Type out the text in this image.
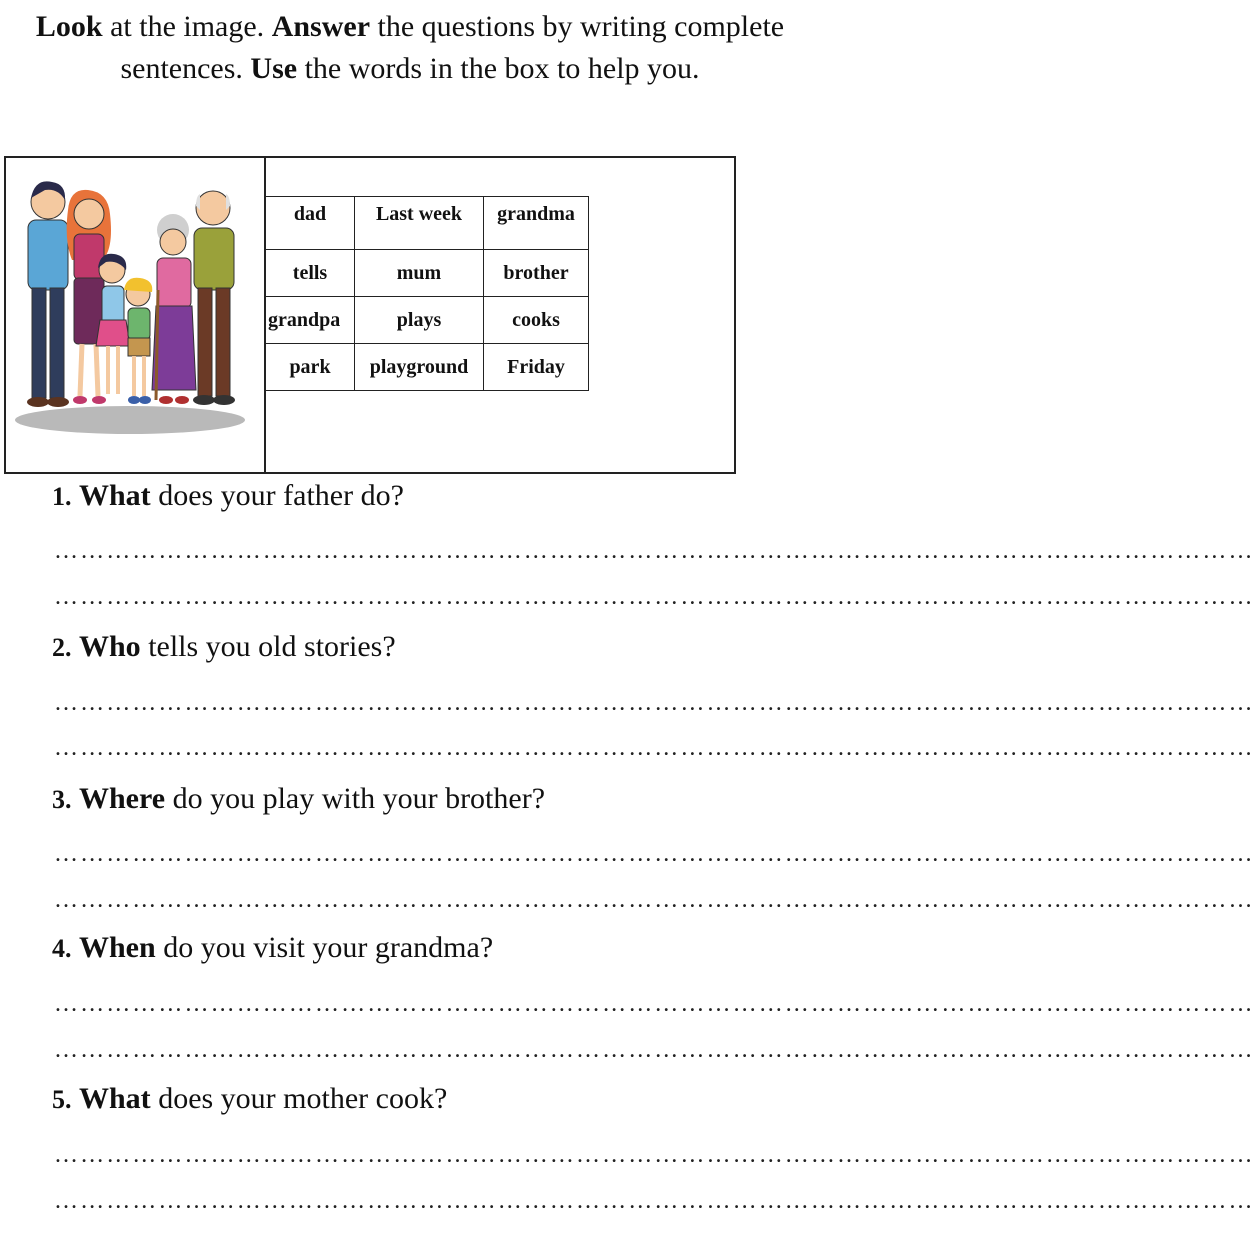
Look at the image. Answer the questions by writing complete sentences. Use the words in the box to help you.
dad	Last week	grandma
tells	mum	brother
grandpa	plays	cooks
park	playground	Friday
1. What does your father do?
…………………………………………………………………………………………………………………………
…………………………………………………………………………………………………………………………
2. Who tells you old stories?
…………………………………………………………………………………………………………………………
…………………………………………………………………………………………………………………………
3. Where do you play with your brother?
…………………………………………………………………………………………………………………………
…………………………………………………………………………………………………………………………
4. When do you visit your grandma?
…………………………………………………………………………………………………………………………
…………………………………………………………………………………………………………………………
5. What does your mother cook?
…………………………………………………………………………………………………………………………
…………………………………………………………………………………………………………………………
